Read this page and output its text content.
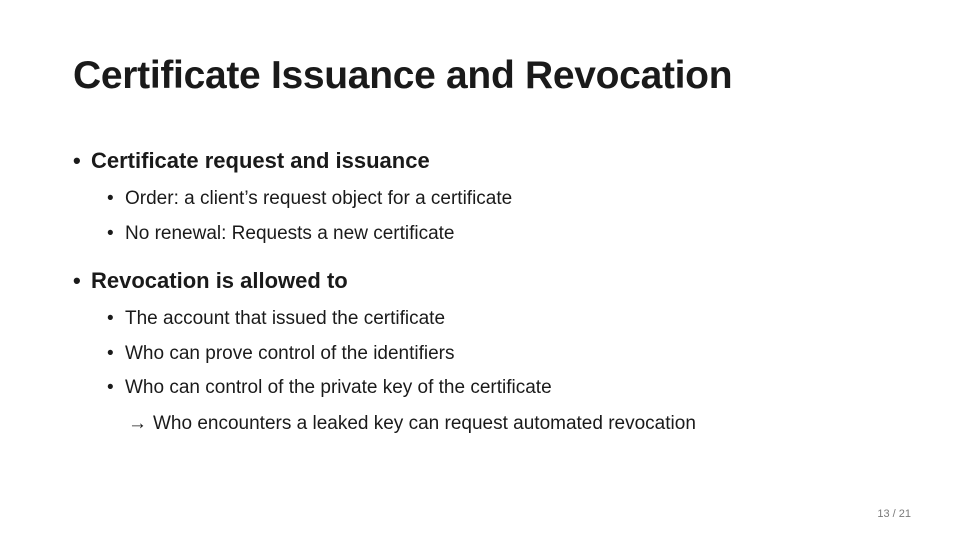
Certificate Issuance and Revocation
• Certificate request and issuance
• Order: a client’s request object for a certificate
• No renewal: Requests a new certificate
• Revocation is allowed to
• The account that issued the certificate
• Who can prove control of the identifiers
• Who can control of the private key of the certificate
→ Who encounters a leaked key can request automated revocation
13 / 21
